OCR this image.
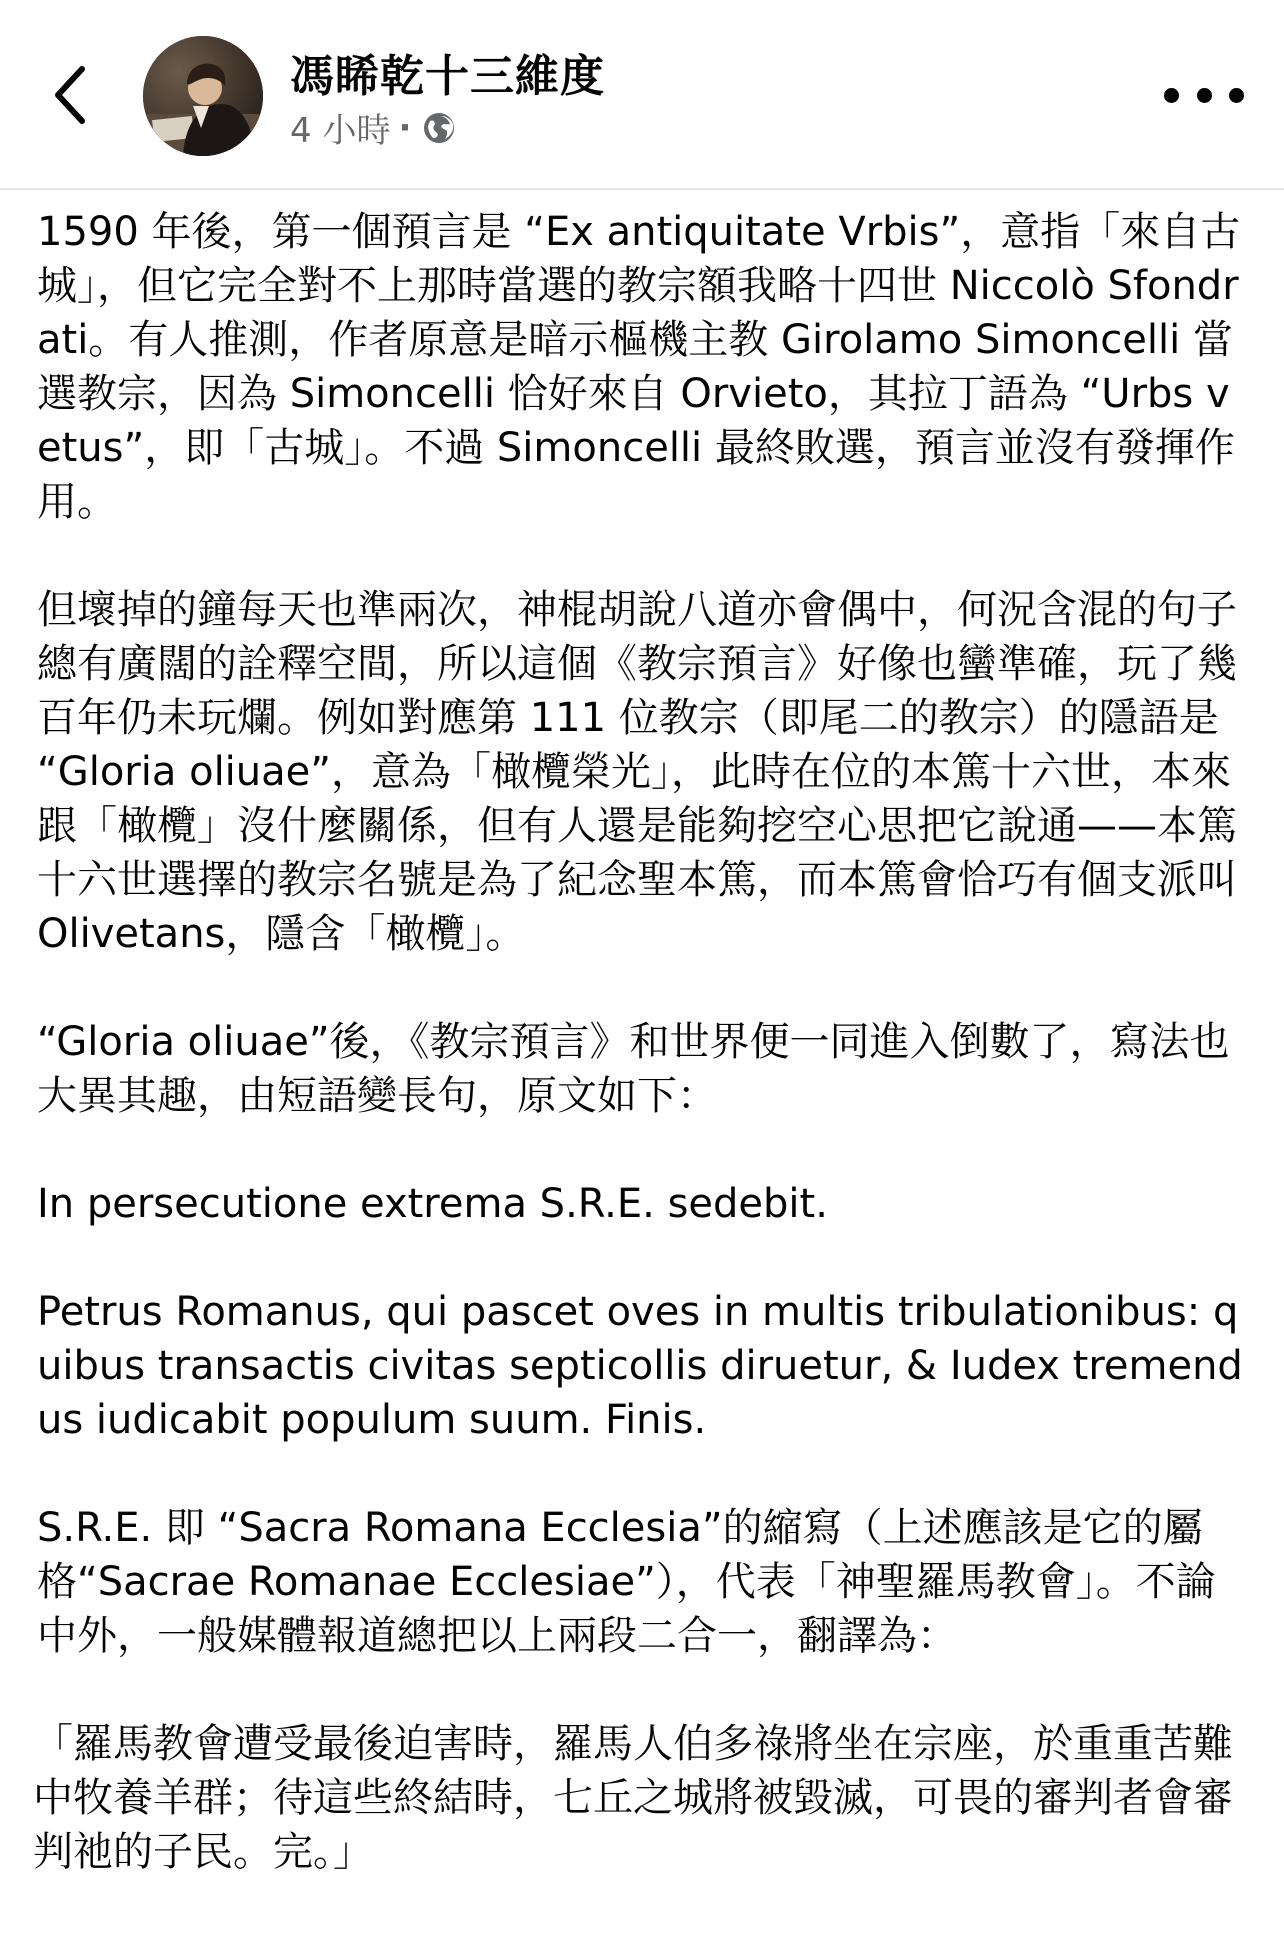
馮睎乾十三維度
4 小時 ·

1590 年後，第一個預言是 “Ex antiquitate Vrbis”，意指「來自古城」，但它完全對不上那時當選的教宗額我略十四世 Niccolò Sfondrati。有人推測，作者原意是暗示樞機主教 Girolamo Simoncelli 當選教宗，因為 Simoncelli 恰好來自 Orvieto，其拉丁語為 “Urbs vetus”，即「古城」。不過 Simoncelli 最終敗選，預言並沒有發揮作用。

但壞掉的鐘每天也準兩次，神棍胡說八道亦會偶中，何況含混的句子總有廣闊的詮釋空間，所以這個《教宗預言》好像也蠻準確，玩了幾百年仍未玩爛。例如對應第 111 位教宗（即尾二的教宗）的隱語是 “Gloria oliuae”，意為「橄欖榮光」，此時在位的本篤十六世，本來跟「橄欖」沒什麼關係，但有人還是能夠挖空心思把它說通——本篤十六世選擇的教宗名號是為了紀念聖本篤，而本篤會恰巧有個支派叫 Olivetans，隱含「橄欖」。

“Gloria oliuae”後，《教宗預言》和世界便一同進入倒數了，寫法也大異其趣，由短語變長句，原文如下：

In persecutione extrema S.R.E. sedebit.

Petrus Romanus, qui pascet oves in multis tribulationibus: quibus transactis civitas septicollis diruetur, & Iudex tremendus iudicabit populum suum. Finis.

S.R.E. 即 “Sacra Romana Ecclesia”的縮寫（上述應該是它的屬格“Sacrae Romanae Ecclesiae”），代表「神聖羅馬教會」。不論中外，一般媒體報道總把以上兩段二合一，翻譯為：

「羅馬教會遭受最後迫害時，羅馬人伯多祿將坐在宗座，於重重苦難中牧養羊群；待這些終結時，七丘之城將被毀滅，可畏的審判者會審判祂的子民。完。」
